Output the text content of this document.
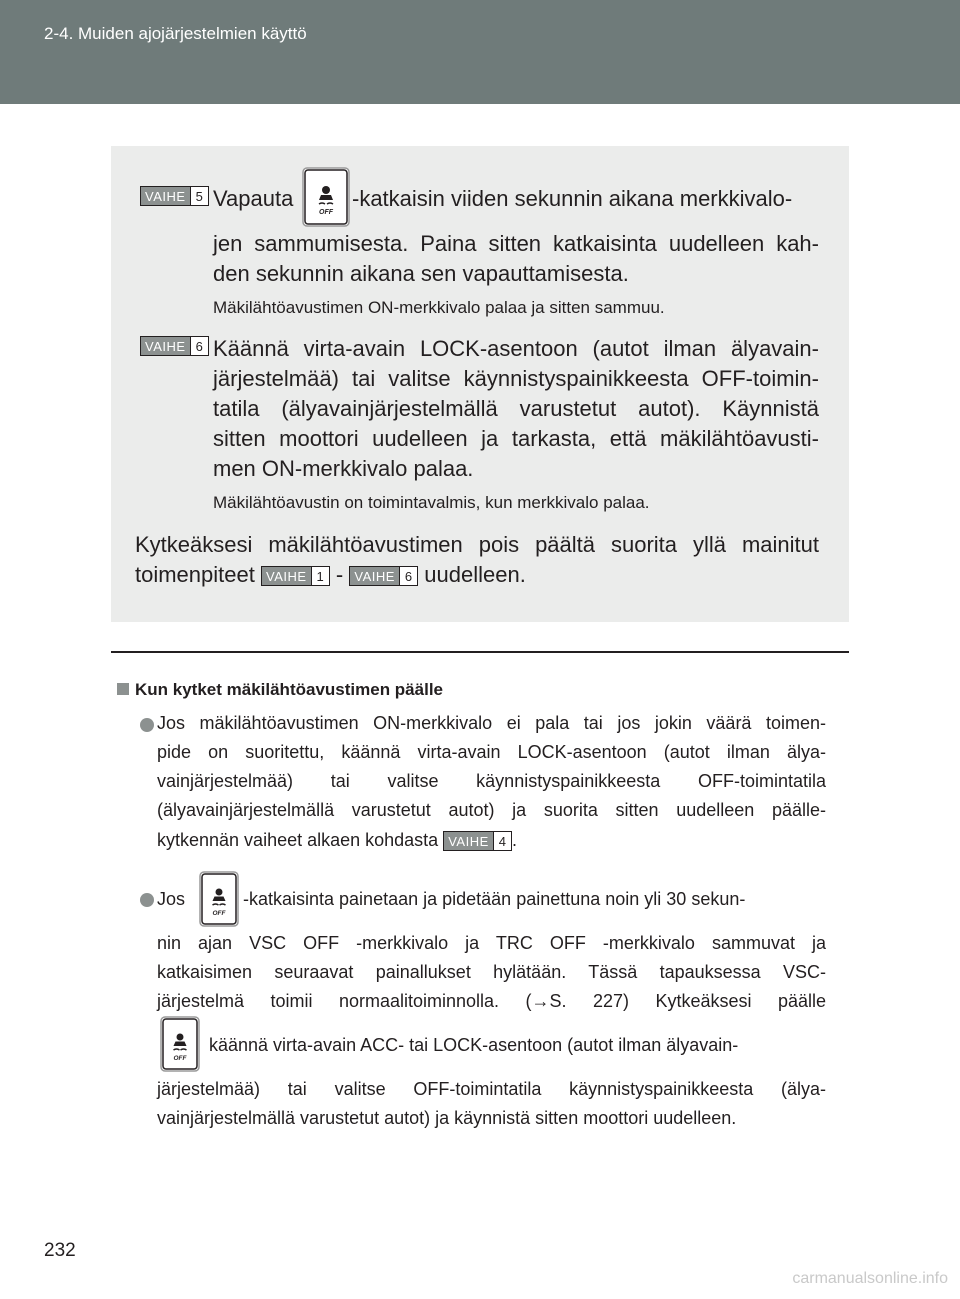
2-4. Muiden ajojärjestelmien käyttö
VAIHE 5 Vapauta
OFF
-katkaisin viiden sekunnin aikana merkkivalo-
jen sammumisesta. Paina sitten katkaisinta uudelleen kah-
den sekunnin aikana sen vapauttamisesta.
Mäkilähtöavustimen ON-merkkivalo palaa ja sitten sammuu.
VAIHE 6 Käännä virta-avain LOCK-asentoon (autot ilman älyavain-
järjestelmää) tai valitse käynnistyspainikkeesta OFF-toimin-
tatila (älyavainjärjestelmällä varustetut autot). Käynnistä
sitten moottori uudelleen ja tarkasta, että mäkilähtöavusti-
men ON-merkkivalo palaa.
Mäkilähtöavustin on toimintavalmis, kun merkkivalo palaa.
Kytkeäksesi mäkilähtöavustimen pois päältä suorita yllä mainitut
toimenpiteet VAIHE 1 - VAIHE 6 uudelleen.
Kun kytket mäkilähtöavustimen päälle
Jos mäkilähtöavustimen ON-merkkivalo ei pala tai jos jokin väärä toimen-
pide on suoritettu, käännä virta-avain LOCK-asentoon (autot ilman älya-
vainjärjestelmää) tai valitse käynnistyspainikkeesta OFF-toimintatila
(älyavainjärjestelmällä varustetut autot) ja suorita sitten uudelleen päälle-
kytkennän vaiheet alkaen kohdasta VAIHE 4 .
Jos
OFF
-katkaisinta painetaan ja pidetään painettuna noin yli 30 sekun-
nin ajan VSC OFF -merkkivalo ja TRC OFF -merkkivalo sammuvat ja
katkaisimen seuraavat painallukset hylätään. Tässä tapauksessa VSC-
järjestelmä toimii normaalitoiminnolla. (→S. 227) Kytkeäksesi päälle
OFF
käännä virta-avain ACC- tai LOCK-asentoon (autot ilman älyavain-
järjestelmää) tai valitse OFF-toimintatila käynnistyspainikkeesta (älya-
vainjärjestelmällä varustetut autot) ja käynnistä sitten moottori uudelleen.
232
carmanualsonline.info
